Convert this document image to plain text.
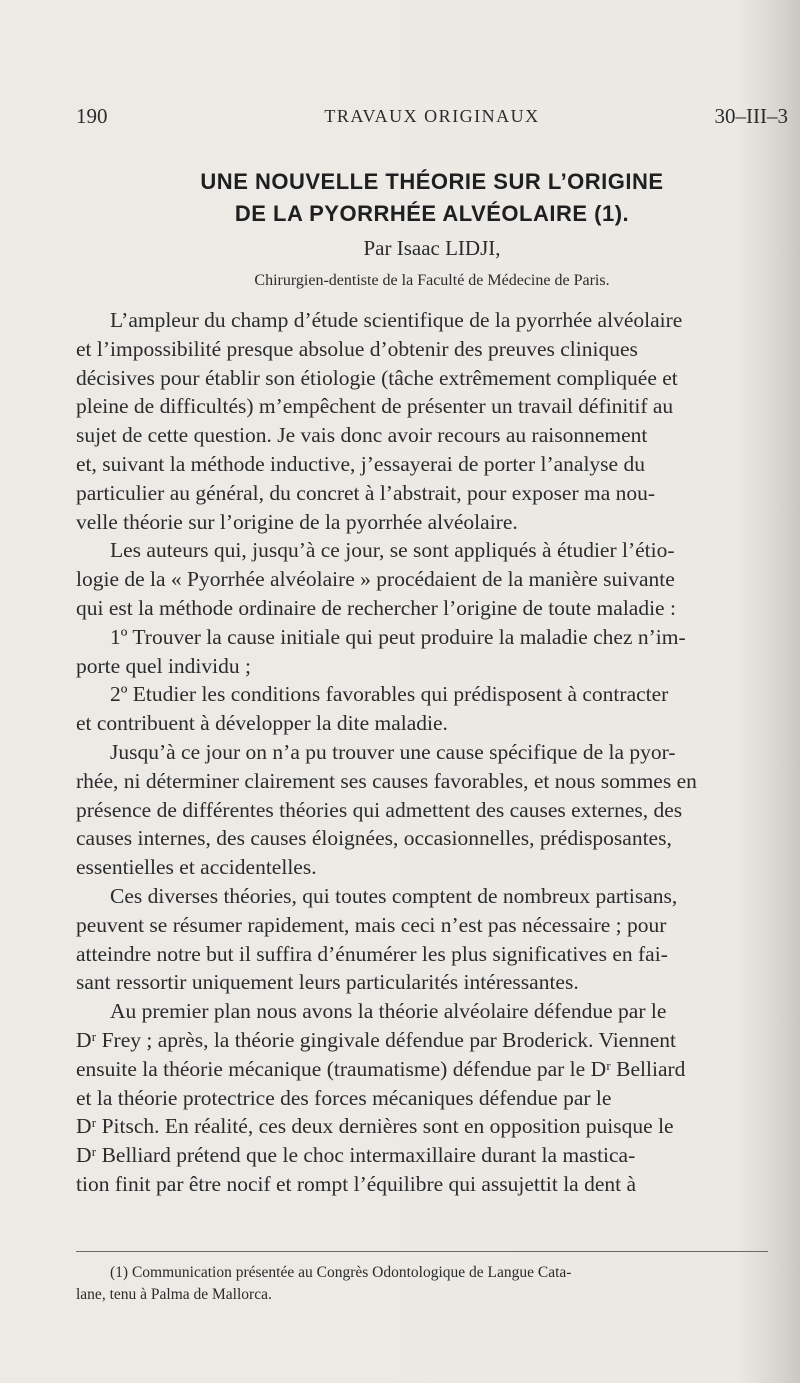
190	TRAVAUX ORIGINAUX	30–III–3
UNE NOUVELLE THÉORIE SUR L’ORIGINE
DE LA PYORRHÉE ALVÉOLAIRE (1).
Par Isaac LIDJI,
Chirurgien-dentiste de la Faculté de Médecine de Paris.
L’ampleur du champ d’étude scientifique de la pyorrhée alvéolaire
et l’impossibilité presque absolue d’obtenir des preuves cliniques
décisives pour établir son étiologie (tâche extrêmement compliquée et
pleine de difficultés) m’empêchent de présenter un travail définitif au
sujet de cette question. Je vais donc avoir recours au raisonnement
et, suivant la méthode inductive, j’essayerai de porter l’analyse du
particulier au général, du concret à l’abstrait, pour exposer ma nou-
velle théorie sur l’origine de la pyorrhée alvéolaire.
Les auteurs qui, jusqu’à ce jour, se sont appliqués à étudier l’étio-
logie de la « Pyorrhée alvéolaire » procédaient de la manière suivante
qui est la méthode ordinaire de rechercher l’origine de toute maladie :
1º Trouver la cause initiale qui peut produire la maladie chez n’im-
porte quel individu ;
2º Etudier les conditions favorables qui prédisposent à contracter
et contribuent à développer la dite maladie.
Jusqu’à ce jour on n’a pu trouver une cause spécifique de la pyor-
rhée, ni déterminer clairement ses causes favorables, et nous sommes en
présence de différentes théories qui admettent des causes externes, des
causes internes, des causes éloignées, occasionnelles, prédisposantes,
essentielles et accidentelles.
Ces diverses théories, qui toutes comptent de nombreux partisans,
peuvent se résumer rapidement, mais ceci n’est pas nécessaire ; pour
atteindre notre but il suffira d’énumérer les plus significatives en fai-
sant ressortir uniquement leurs particularités intéressantes.
Au premier plan nous avons la théorie alvéolaire défendue par le
Dʳ Frey ; après, la théorie gingivale défendue par Broderick. Viennent
ensuite la théorie mécanique (traumatisme) défendue par le Dʳ Belliard
et la théorie protectrice des forces mécaniques défendue par le
Dʳ Pitsch. En réalité, ces deux dernières sont en opposition puisque le
Dʳ Belliard prétend que le choc intermaxillaire durant la mastica-
tion finit par être nocif et rompt l’équilibre qui assujettit la dent à
(1) Communication présentée au Congrès Odontologique de Langue Cata-
lane, tenu à Palma de Mallorca.
